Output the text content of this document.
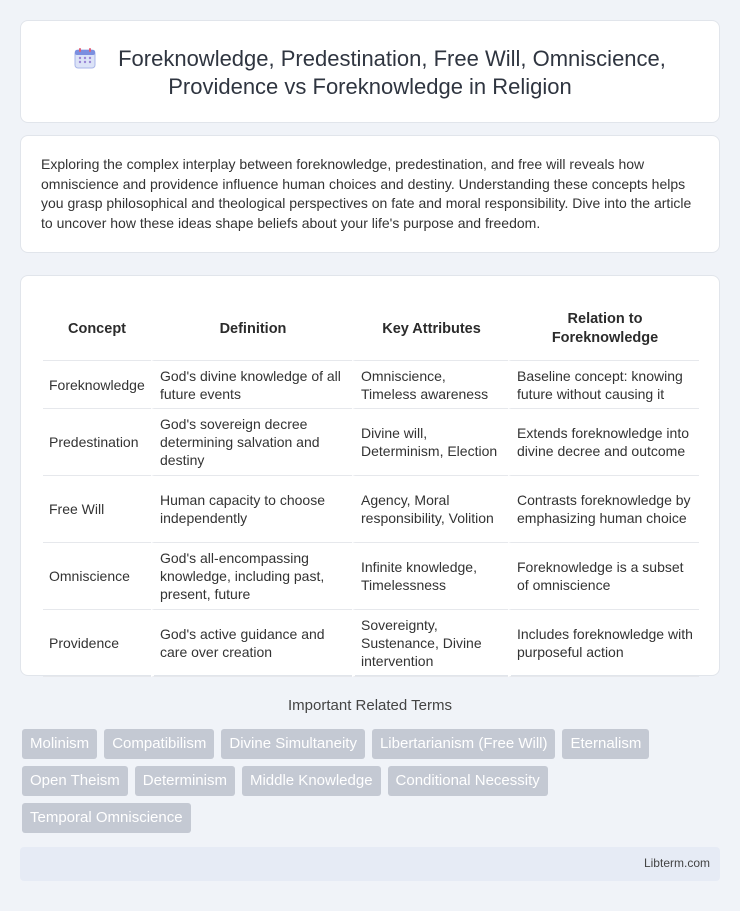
Foreknowledge, Predestination, Free Will, Omniscience, Providence vs Foreknowledge in Religion

Exploring the complex interplay between foreknowledge, predestination, and free will reveals how omniscience and providence influence human choices and destiny. Understanding these concepts helps you grasp philosophical and theological perspectives on fate and moral responsibility. Dive into the article to uncover how these ideas shape beliefs about your life's purpose and freedom.

Concept	Definition	Key Attributes	Relation to Foreknowledge
Foreknowledge	God's divine knowledge of all future events	Omniscience, Timeless awareness	Baseline concept: knowing future without causing it
Predestination	God's sovereign decree determining salvation and destiny	Divine will, Determinism, Election	Extends foreknowledge into divine decree and outcome
Free Will	Human capacity to choose independently	Agency, Moral responsibility, Volition	Contrasts foreknowledge by emphasizing human choice
Omniscience	God's all-encompassing knowledge, including past, present, future	Infinite knowledge, Timelessness	Foreknowledge is a subset of omniscience
Providence	God's active guidance and care over creation	Sovereignty, Sustenance, Divine intervention	Includes foreknowledge with purposeful action
Important Related Terms
Molinism	Compatibilism	Divine Simultaneity	Libertarianism (Free Will)	Eternalism
Open Theism	Determinism	Middle Knowledge	Conditional Necessity
Temporal Omniscience
Libterm.com
